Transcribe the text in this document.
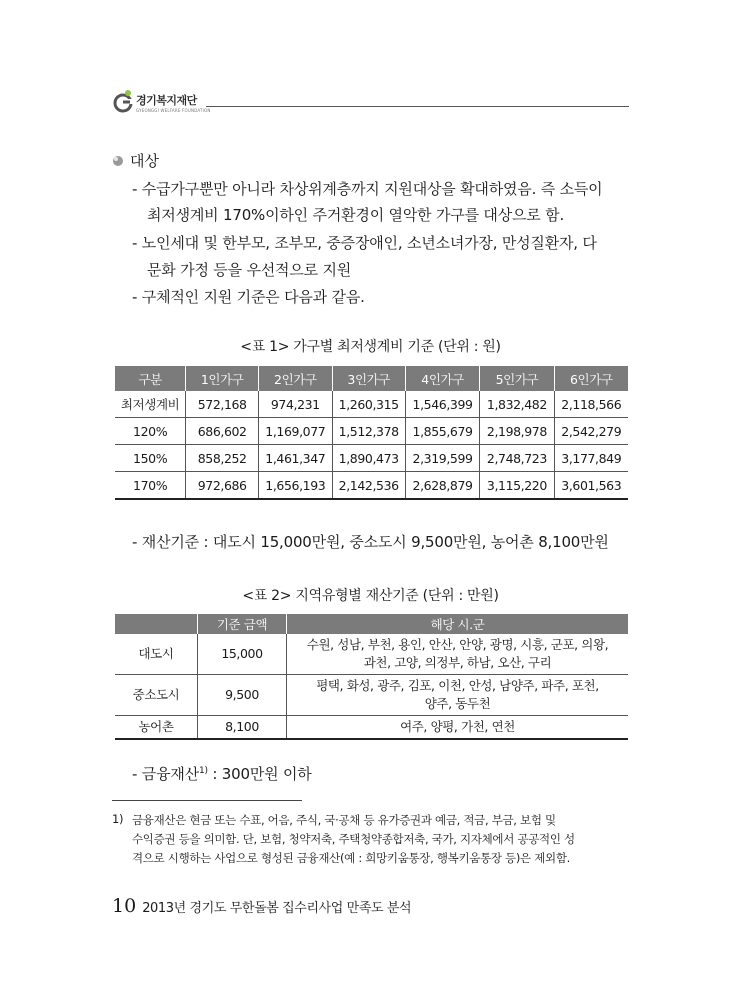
경기복지재단
GYEONGGI WELFARE FOUNDATION
대상
- 수급가구뿐만 아니라 차상위계층까지 지원대상을 확대하였음. 즉 소득이
최저생계비 170%이하인 주거환경이 열악한 가구를 대상으로 함.
- 노인세대 및 한부모, 조부모, 중증장애인, 소년소녀가장, 만성질환자, 다
문화 가정 등을 우선적으로 지원
- 구체적인 지원 기준은 다음과 같음.
<표 1> 가구별 최저생계비 기준 (단위 : 원)
구분	1인가구	2인가구	3인가구	4인가구	5인가구	6인가구
최저생계비	572,168	974,231	1,260,315	1,546,399	1,832,482	2,118,566
120%	686,602	1,169,077	1,512,378	1,855,679	2,198,978	2,542,279
150%	858,252	1,461,347	1,890,473	2,319,599	2,748,723	3,177,849
170%	972,686	1,656,193	2,142,536	2,628,879	3,115,220	3,601,563
- 재산기준 : 대도시 15,000만원, 중소도시 9,500만원, 농어촌 8,100만원
<표 2> 지역유형별 재산기준 (단위 : 만원)
	기준 금액	해당 시.군
대도시	15,000	수원, 성남, 부천, 용인, 안산, 안양, 광명, 시흥, 군포, 의왕,
과천, 고양, 의정부, 하남, 오산, 구리

중소도시	9,500	평택, 화성, 광주, 김포, 이천, 안성, 남양주, 파주, 포천,
양주, 동두천

농어촌	8,100	여주, 양평, 가천, 연천
- 금융재산$^{1)}$ : 300만원 이하
1) 금융재산은 현금 또는 수표, 어음, 주식, 국·공채 등 유가증권과 예금, 적금, 부금, 보험 및
수익증권 등을 의미함. 단, 보험, 청약저축, 주택청약종합저축, 국가, 지자체에서 공공적인 성
격으로 시행하는 사업으로 형성된 금융재산(예 : 희망키움통장, 행복키움통장 등)은 제외함.
10 2013년 경기도 무한돌봄 집수리사업 만족도 분석
